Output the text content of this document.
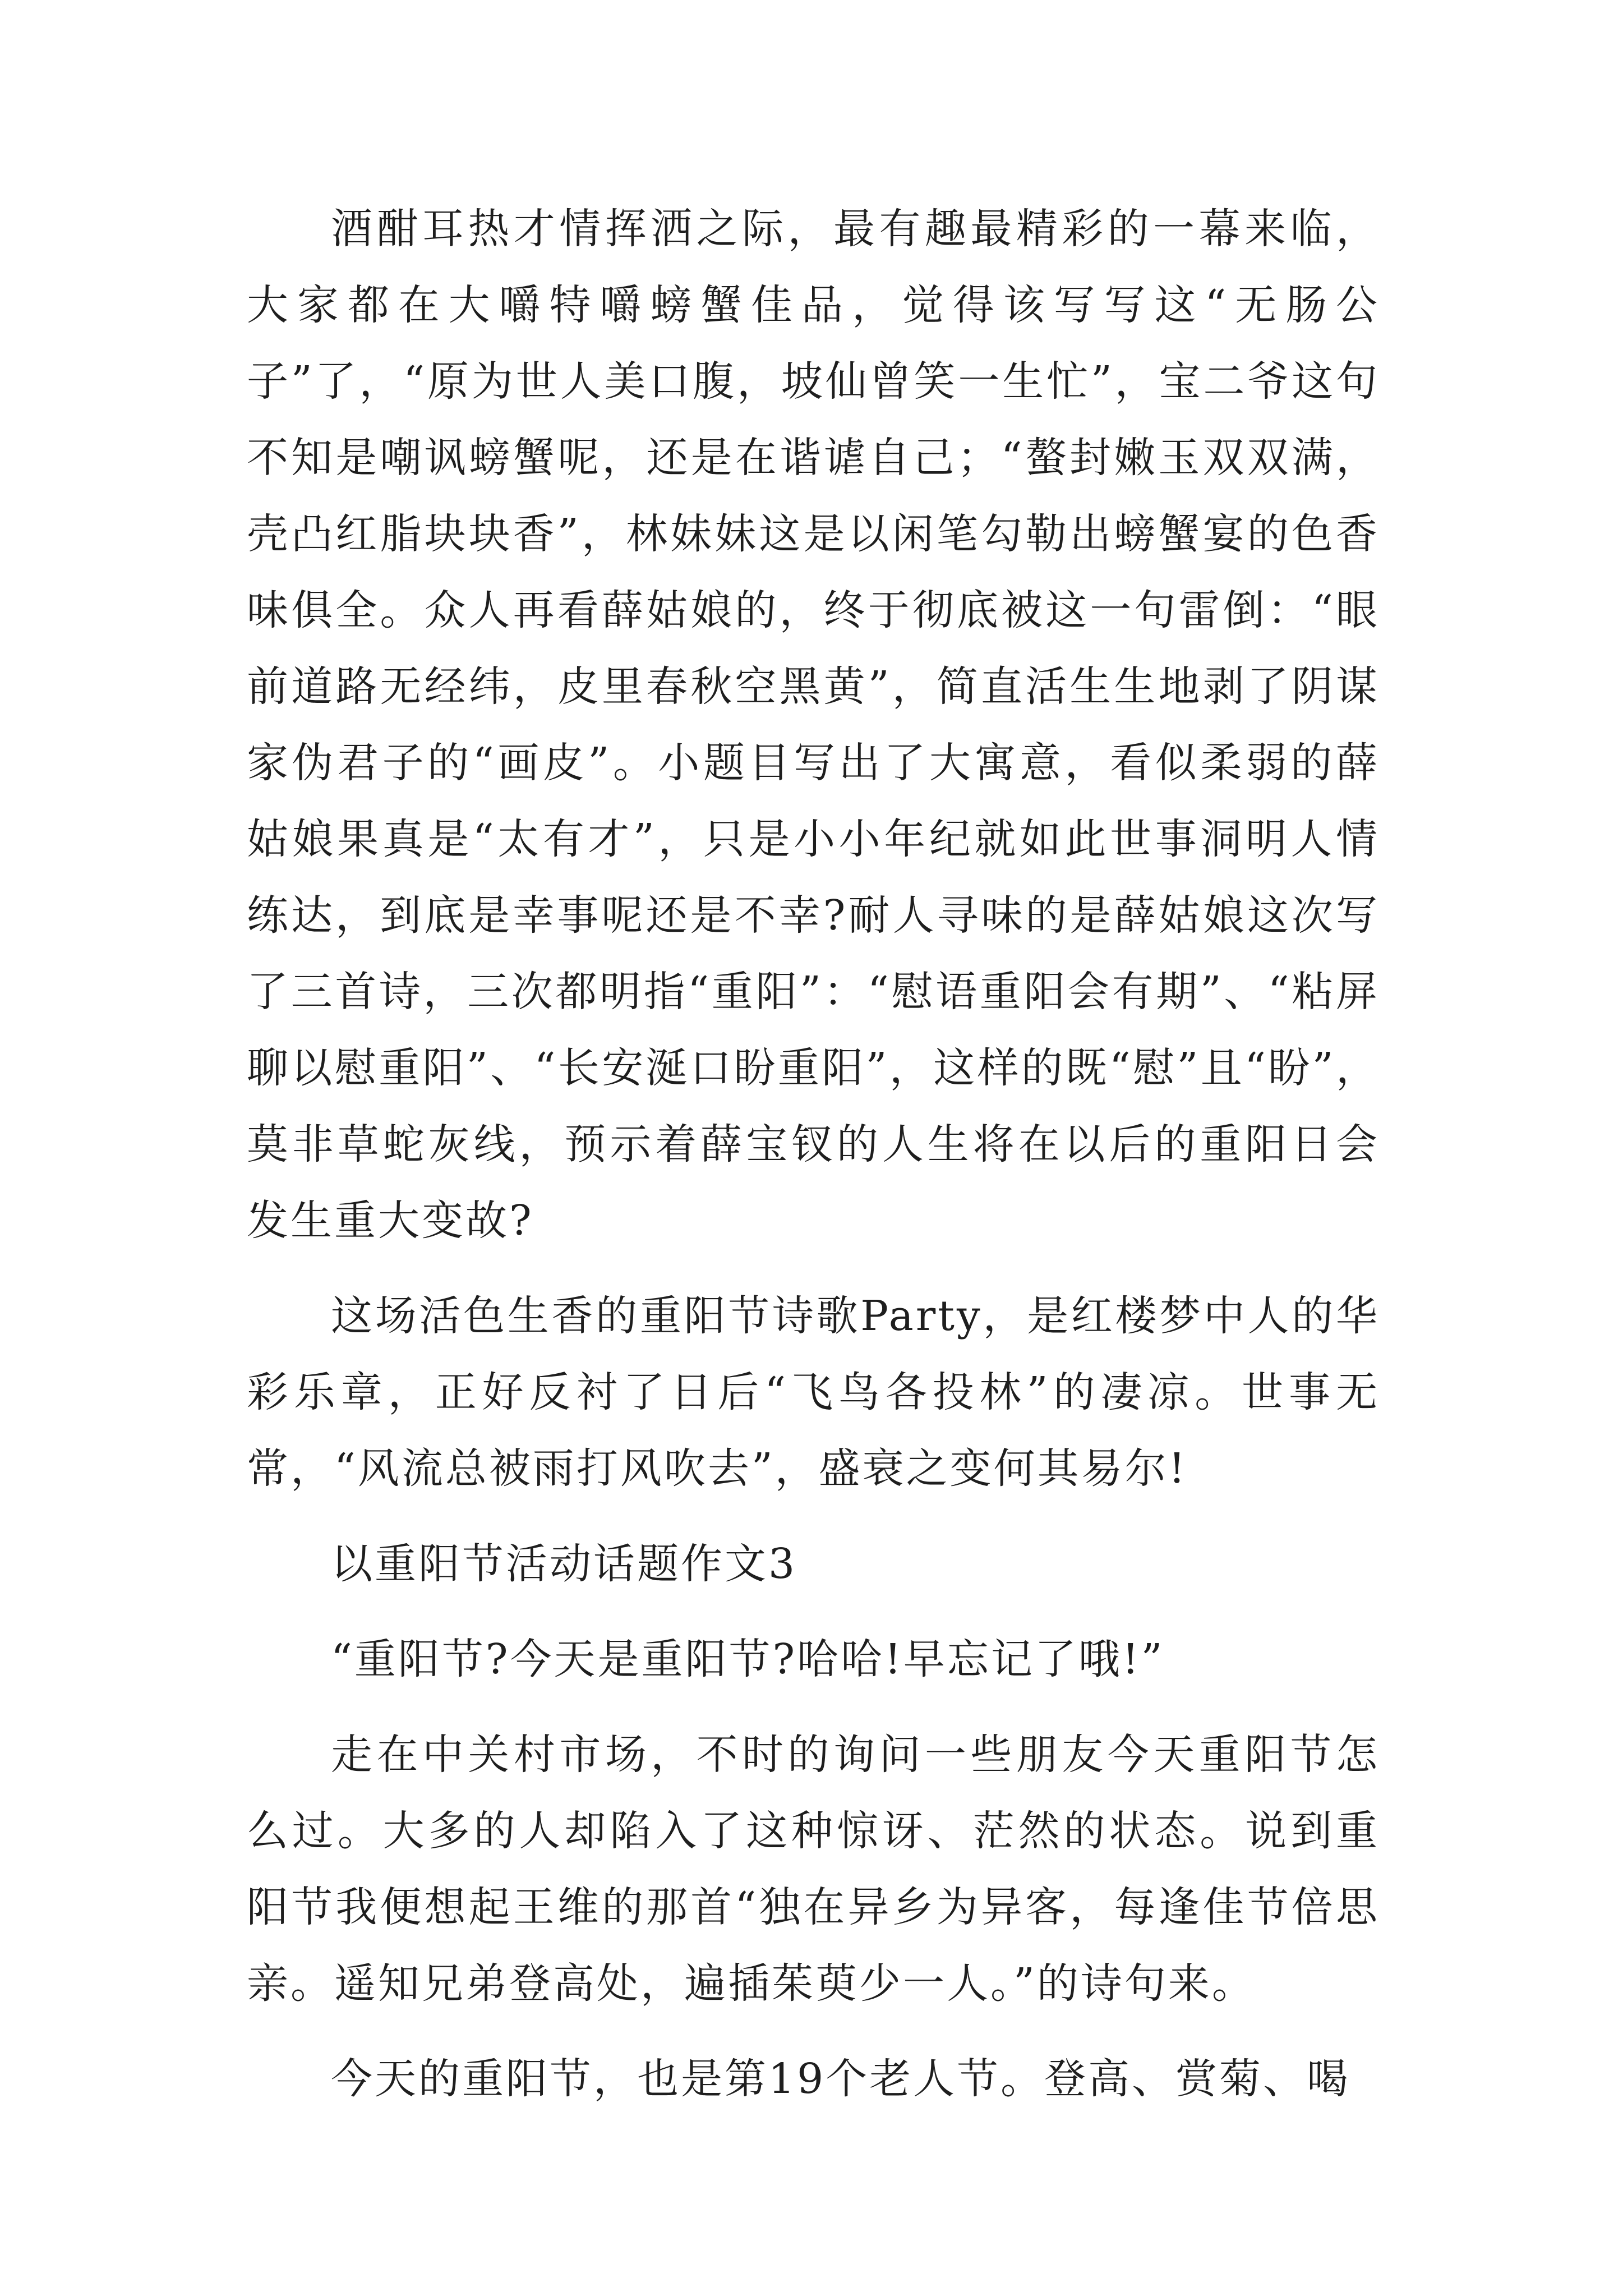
酒酣耳热才情挥洒之际，最有趣最精彩的一幕来临，大家都在大嚼特嚼螃蟹佳品，觉得该写写这“无肠公子”了，“原为世人美口腹，坡仙曾笑一生忙”，宝二爷这句不知是嘲讽螃蟹呢，还是在谐谑自己；“螯封嫩玉双双满，壳凸红脂块块香”，林妹妹这是以闲笔勾勒出螃蟹宴的色香味俱全。众人再看薛姑娘的，终于彻底被这一句雷倒：“眼前道路无经纬，皮里春秋空黑黄”，简直活生生地剥了阴谋家伪君子的“画皮”。小题目写出了大寓意，看似柔弱的薛姑娘果真是“太有才”，只是小小年纪就如此世事洞明人情练达，到底是幸事呢还是不幸?耐人寻味的是薛姑娘这次写了三首诗，三次都明指“重阳”：“慰语重阳会有期”、“粘屏聊以慰重阳”、“长安涎口盼重阳”，这样的既“慰”且“盼”，莫非草蛇灰线，预示着薛宝钗的人生将在以后的重阳日会发生重大变故?

这场活色生香的重阳节诗歌Party，是红楼梦中人的华彩乐章，正好反衬了日后“飞鸟各投林”的凄凉。世事无常，“风流总被雨打风吹去”，盛衰之变何其易尔!

以重阳节活动话题作文3

“重阳节?今天是重阳节?哈哈!早忘记了哦!”

走在中关村市场，不时的询问一些朋友今天重阳节怎么过。大多的人却陷入了这种惊讶、茫然的状态。说到重阳节我便想起王维的那首“独在异乡为异客，每逢佳节倍思亲。遥知兄弟登高处，遍插茱萸少一人。”的诗句来。

今天的重阳节，也是第19个老人节。登高、赏菊、喝
